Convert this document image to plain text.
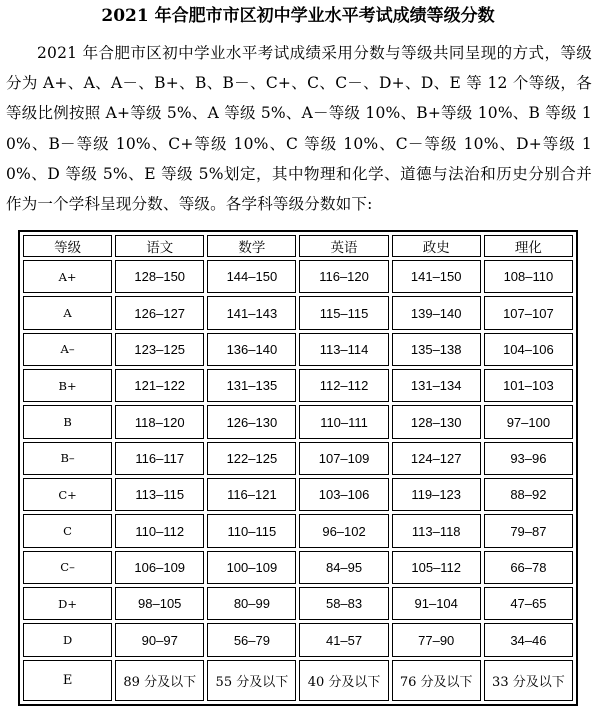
2021 年合肥市市区初中学业水平考试成绩等级分数

2021 年合肥市区初中学业水平考试成绩采用分数与等级共同呈现的方式，等级分为 A+、A、A－、B+、B、B－、C+、C、C－、D+、D、E 等 12 个等级，各等级比例按照 A+等级 5%、A 等级 5%、A－等级 10%、B+等级 10%、B 等级 10%、B－等级 10%、C+等级 10%、C 等级 10%、C－等级 10%、D+等级 10%、D 等级 5%、E 等级 5%划定，其中物理和化学、道德与法治和历史分别合并作为一个学科呈现分数、等级。各学科等级分数如下:

等级	语文	数学	英语	政史	理化
A+	128–150	144–150	116–120	141–150	108–110
A	126–127	141–143	115–115	139–140	107–107
A–	123–125	136–140	113–114	135–138	104–106
B+	121–122	131–135	112–112	131–134	101–103
B	118–120	126–130	110–111	128–130	97–100
B–	116–117	122–125	107–109	124–127	93–96
C+	113–115	116–121	103–106	119–123	88–92
C	110–112	110–115	96–102	113–118	79–87
C–	106–109	100–109	84–95	105–112	66–78
D+	98–105	80–99	58–83	91–104	47–65
D	90–97	56–79	41–57	77–90	34–46
E	89 分及以下	55 分及以下	40 分及以下	76 分及以下	33 分及以下
